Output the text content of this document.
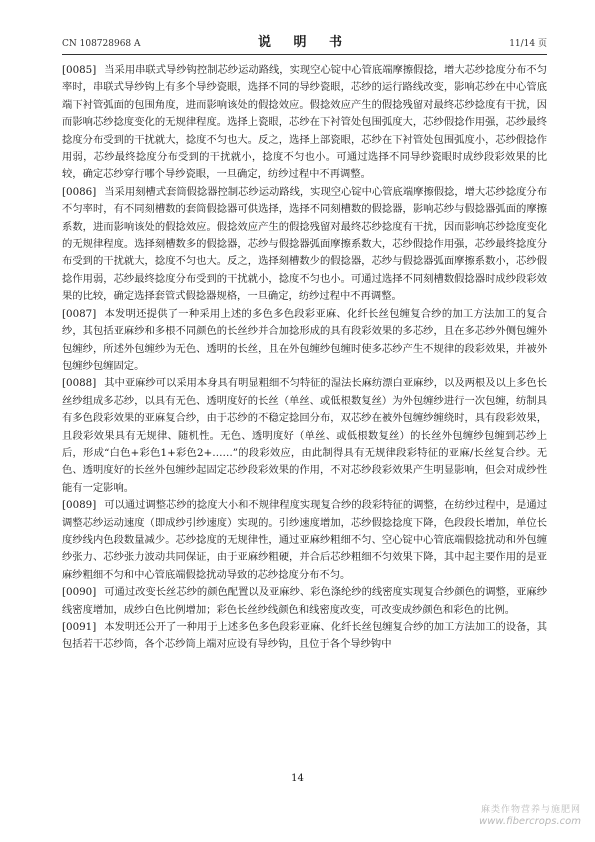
CN 108728968 A	说 明 书	11/14 页

[0085] 当采用串联式导纱钩控制芯纱运动路线，实现空心锭中心管底端摩擦假捻，增大芯纱捻度分布不匀率时，串联式导纱钩上有多个导纱瓷眼，选择不同的导纱瓷眼，芯纱的运行路线改变，影响芯纱在中心管底端下衬管弧面的包围角度，进而影响该处的假捻效应。假捻效应产生的假捻残留对最终芯纱捻度有干扰，因而影响芯纱捻度变化的无规律程度。选择上瓷眼，芯纱在下衬管处包围弧度大，芯纱假捻作用强，芯纱最终捻度分布受到的干扰就大，捻度不匀也大。反之，选择上部瓷眼，芯纱在下衬管处包围弧度小，芯纱假捻作用弱，芯纱最终捻度分布受到的干扰就小，捻度不匀也小。可通过选择不同导纱瓷眼时成纱段彩效果的比较，确定芯纱穿行哪个导纱瓷眼，一旦确定，纺纱过程中不再调整。

[0086] 当采用刻槽式套筒假捻器控制芯纱运动路线，实现空心锭中心管底端摩擦假捻，增大芯纱捻度分布不匀率时，有不同刻槽数的套筒假捻器可供选择，选择不同刻槽数的假捻器，影响芯纱与假捻器弧面的摩擦系数，进而影响该处的假捻效应。假捻效应产生的假捻残留对最终芯纱捻度有干扰，因而影响芯纱捻度变化的无规律程度。选择刻槽数多的假捻器，芯纱与假捻器弧面摩擦系数大，芯纱假捻作用强，芯纱最终捻度分布受到的干扰就大，捻度不匀也大。反之，选择刻槽数少的假捻器，芯纱与假捻器弧面摩擦系数小，芯纱假捻作用弱，芯纱最终捻度分布受到的干扰就小，捻度不匀也小。可通过选择不同刻槽数假捻器时成纱段彩效果的比较，确定选择套管式假捻器规格，一旦确定，纺纱过程中不再调整。

[0087] 本发明还提供了一种采用上述的多色多色段彩亚麻、化纤长丝包缠复合纱的加工方法加工的复合纱，其包括亚麻纱和多根不同颜色的长丝纱并合加捻形成的具有段彩效果的多芯纱，且在多芯纱外侧包缠外包缠纱，所述外包缠纱为无色、透明的长丝，且在外包缠纱包缠时使多芯纱产生不规律的段彩效果，并被外包缠纱包缠固定。

[0088] 其中亚麻纱可以采用本身具有明显粗细不匀特征的湿法长麻纺漂白亚麻纱，以及两根及以上多色长丝纱组成多芯纱，以具有无色、透明度好的长丝（单丝、或低根数复丝）为外包缠纱进行一次包缠，纺制具有多色段彩效果的亚麻复合纱，由于芯纱的不稳定捻回分布，双芯纱在被外包缠纱缠绕时，具有段彩效果，且段彩效果具有无规律、随机性。无色、透明度好（单丝、或低根数复丝）的长丝外包缠纱包缠到芯纱上后，形成“白色+彩色1+彩色2+……”的段彩效应，由此制得具有无规律段彩特征的亚麻/长丝复合纱。无色、透明度好的长丝外包缠纱起固定芯纱段彩效果的作用，不对芯纱段彩效果产生明显影响，但会对成纱性能有一定影响。

[0089] 可以通过调整芯纱的捻度大小和不规律程度实现复合纱的段彩特征的调整，在纺纱过程中，是通过调整芯纱运动速度（即成纱引纱速度）实现的。引纱速度增加，芯纱假捻捻度下降，色段段长增加，单位长度纱线内色段数量减少。芯纱捻度的无规律性，通过亚麻纱粗细不匀、空心锭中心管底端假捻扰动和外包缠纱张力、芯纱张力波动共同保证，由于亚麻纱粗硬，并合后芯纱粗细不匀效果下降，其中起主要作用的是亚麻纱粗细不匀和中心管底端假捻扰动导致的芯纱捻度分布不匀。

[0090] 可通过改变长丝芯纱的颜色配置以及亚麻纱、彩色涤纶纱的线密度实现复合纱颜色的调整，亚麻纱线密度增加，成纱白色比例增加；彩色长丝纱线颜色和线密度改变，可改变成纱颜色和彩色的比例。

[0091] 本发明还公开了一种用于上述多色多色段彩亚麻、化纤长丝包缠复合纱的加工方法加工的设备，其包括若干芯纱筒，各个芯纱筒上端对应设有导纱钩，且位于各个导纱钩中

14
麻类作物营养与施肥网
www.fibercrops.com
